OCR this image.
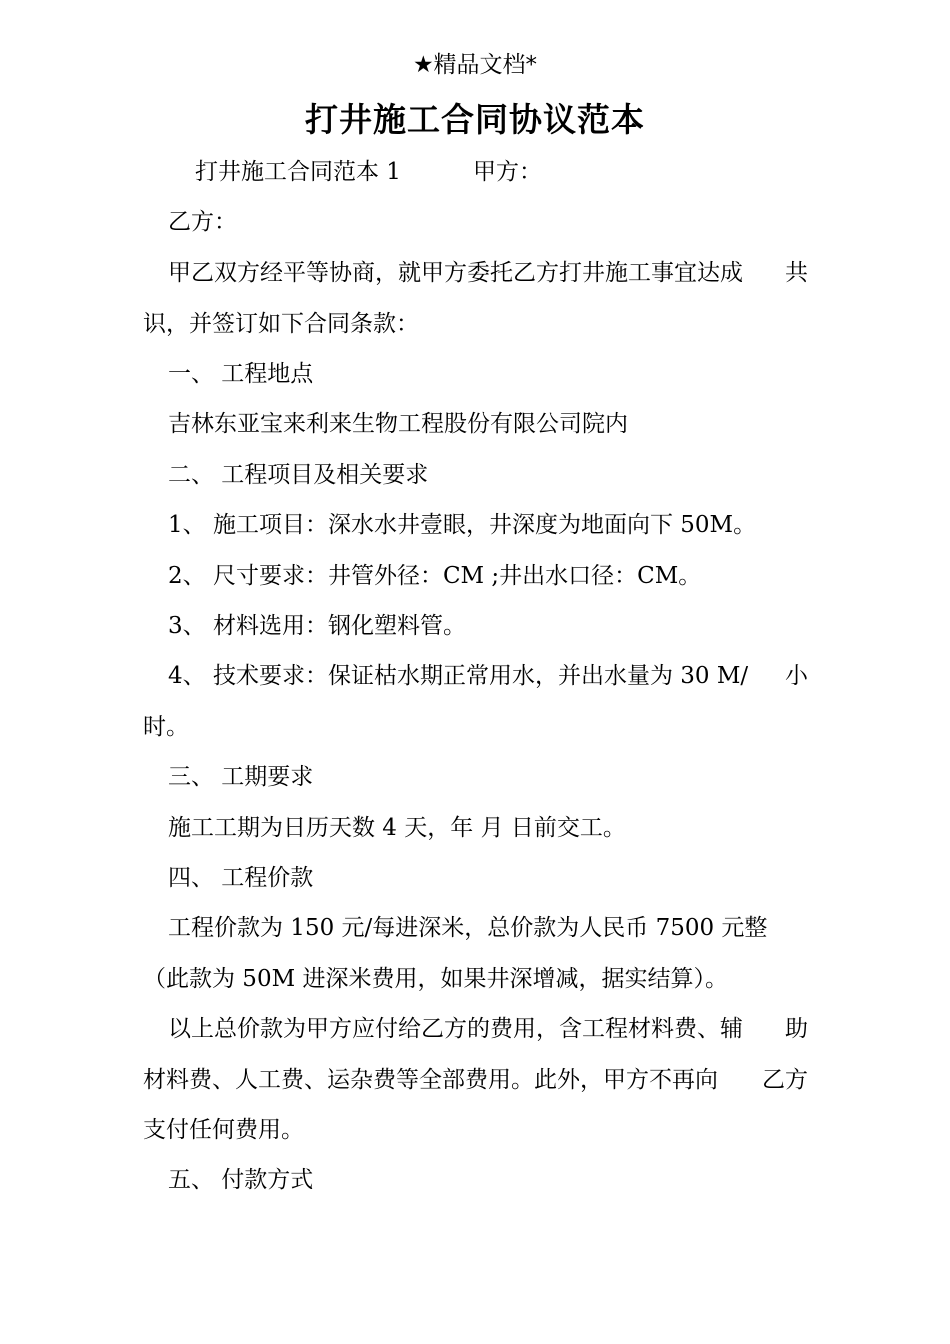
★精品文档*
打井施工合同协议范本
打井施工合同范本 1	甲方：
乙方：
甲乙双方经平等协商，就甲方委托乙方打井施工事宜达成 共
识，并签订如下合同条款：
一、 工程地点
吉林东亚宝来利来生物工程股份有限公司院内
二、 工程项目及相关要求
1、 施工项目：深水水井壹眼，井深度为地面向下 50M。
2、 尺寸要求：井管外径：CM ;井出水口径：CM。
3、 材料选用：钢化塑料管。
4、 技术要求：保证枯水期正常用水，并出水量为 30 M/ 小
时。
三、 工期要求
施工工期为日历天数 4 天，年 月 日前交工。
四、 工程价款
工程价款为 150 元/每进深米，总价款为人民币 7500 元整
（此款为 50M 进深米费用，如果井深增减，据实结算）。
以上总价款为甲方应付给乙方的费用，含工程材料费、辅 助
材料费、人工费、运杂费等全部费用。此外，甲方不再向 乙方
支付任何费用。
五、 付款方式
